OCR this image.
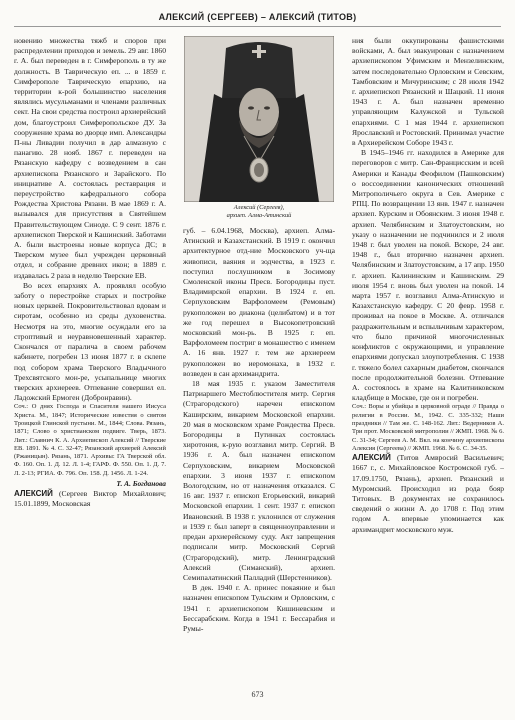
АЛЕКСИЙ (СЕРГЕЕВ) – АЛЕКСИЙ (ТИТОВ)

новению множества тяжб и споров при распределении приходов и земель. 29 авг. 1860 г. А. был переведен в г. Симферополь в ту же должность. В Таврическую еп. ... в 1859 г. Симферополе Таврическую епархию, на территории к-рой большинство населения являлись мусульманами и членами различных сект. На свои средства построил архиерейский дом, благоустроил Симферопольское ДУ. За сооружение храма во дворце имп. Александры П-ны Ливадии получил в дар алмазную с панагию. 28 нояб. 1867 г. переведен на Рязанскую кафедру с возведением в сан архиепископа Рязанского и Зарайского. По инициативе А. состоялась реставрация и переустройство кафедрального собора Рождества Христова Рязани. В мае 1869 г. А. вызывался для присутствия в Святейшем Правительствующем Синоде. С 9 сент. 1876 г. архиепископ Тверской и Кашинский. Заботами А. были выстроены новые корпуса ДС; в Тверском музее был учрежден церковный отдел, и собрание древних икон; в 1889 г. издавалась 2 раза в неделю Тверские ЕВ.

Во всех епархиях А. проявлял особую заботу о перестройке старых и постройке новых церквей. Покровительствовал вдовам и сиротам, особенно из среды духовенства. Несмотря на это, многие осуждали его за строптивый и неуравновешенный характер. Скончался от паралича в своем рабочем кабинете, погребен 13 июня 1877 г. в склепе под собором храма Тверского Владычного Трехсвятского мон-ре, усыпальнице многих тверских архиереев. Отпевание совершил ел. Ладожский Ермоген (Добронравин).

Соч.: О днях Господа и Спасителя нашего Иисуса Христа. М., 1847; Исторические известия о святом Троицкой Глинской пустыни. М., 1844; Слова. Рязань, 1871; Слово о христианском подвиге. Тверь, 1873. Лит.: Славнич К. А. Архиепископ Алексий // Тверские ЕВ. 1891. № 4. С. 32-47; Рязанский архиерей Алексий (Ржаницын). Рязань, 1871. Архивы: ГА Тверской обл. Ф. 160. Оп. 1. Д. 12. Л. 1-4; ГАРФ. Ф. 550. Оп. 1. Д. 7. Л. 2-13; РГИА. Ф. 796. Оп. 158. Д. 1456. Л. 1-24.

Т. А. Богданова

АЛЕКСИЙ (Сергеев Виктор Михайлович; 15.01.1899, Московская

Алексий (Сергеев),
архиеп. Алма-Атинский

губ. – 6.04.1968, Москва), архиеп. Алма-Атинский и Казахстанский. В 1919 г. окончил архитектурное отд-ние Московского уч-ща живописи, ваяния и зодчества, в 1923 г. поступил послушником в Зосимову Смоленской иконы Пресв. Богородицы пуст. Владимирской епархии. В 1924 г. еп. Серпуховским Варфоломеем (Ремовым) рукоположен во диакона (целибатом) и в тот же год перешел в Высокопетровский московский мон-рь. В 1925 г. еп. Варфоломеем постриг в монашество с именем А. 16 янв. 1927 г. тем же архиереем рукоположен во иеромонаха, в 1932 г. возведен в сан архимандрита.

18 мая 1935 г. указом Заместителя Патриаршего Местоблюстителя митр. Сергия (Страгородского) наречен епископом Каширским, викарием Московской епархии. 20 мая в московском храме Рождества Пресв. Богородицы в Путинках состоялась хиротония, к-рую возглавил митр. Сергий. В 1936 г. А. был назначен епископом Серпуховским, викарием Московской епархии. 3 июня 1937 г. епископом Вологодским, но от назначения отказался. С 16 авг. 1937 г. епископ Егорьевский, викарий Московской епархии. 1 сент. 1937 г. епископ Ивановский. В 1938 г. уклонился от служения и 1939 г. был заперт в священноуправлении и предан архиерейскому суду. Акт запрещения подписали митр. Московский Сергий (Страгородский), митр. Ленинградский Алексий (Симанский), архиеп. Семипалатинский Палладий (Шерстенников).

В дек. 1940 г. А. принес покаяние и был назначен епископом Тульским и Орловским, с 1941 г. архиепископом Кишиневским и Бессарабским. Когда в 1941 г. Бессарабия и Румы-

ния были оккупированы фашистскими войсками, А. был эвакуирован с назначением архиепископом Уфимским и Мензелинским, затем последовательно Орловским и Севским, Тамбовским и Мичуринским; с 28 июля 1942 г. архиепископ Рязанский и Шацкий. 11 июня 1943 г. А. был назначен временно управляющим Калужской и Тульской епархиями. С 1 мая 1944 г. архиепископ Ярославский и Ростовский. Принимал участие в Архиерейском Соборе 1943 г.

В 1945–1946 гг. находился в Америке для переговоров с митр. Сан-Францисским и всей Америки и Канады Феофилом (Пашковским) о воссоединении канонических отношений Митрополичьего округа в Сев. Америке с РПЦ. По возвращении 13 янв. 1947 г. назначен архиеп. Курским и Обоянским. 3 июня 1948 г. архиеп. Челябинским и Златоустовским, но указу о назначении не подчинился и 2 июля 1948 г. был уволен на покой. Вскоре, 24 авг. 1948 г., был вторично назначен архиеп. Челябинским и Златоустовским, а 17 апр. 1950 г. архиеп. Калининским и Кашинским. 29 июля 1954 г. вновь был уволен на покой. 14 марта 1957 г. возглавил Алма-Атинскую и Казахстанскую кафедру. С 20 февр. 1958 г. проживал на покое в Москве. А. отличался раздражительным и вспыльчивым характером, что было причиной многочисленных конфликтов с окружающими, и управление епархиями допускал злоупотребления. С 1938 г. тяжело болел сахарным диабетом, скончался после продолжительной болезни. Отпевание А. состоялось в храме на Калитниковском кладбище в Москве, где он и погребен.

Соч.: Воры и убийцы в церковной ограде // Правда о религии в России. М., 1942. С. 335-332; Наши праздники // Там же. С. 148-162. Лит.: Ведерников А. Три прот. Московской митрополии // ЖМП. 1968. № 6. С. 31-34; Сергеев А. М. Вкл. на кончину архиепископа Алексия (Сергеева) // ЖМП. 1968. № 6. С. 34-35.

АЛЕКСИЙ (Титов Амвросий Васильевич; 1667 г., с. Михайловское Костромской губ. – 17.09.1750, Рязань), архиеп. Рязанский и Муромский. Происходил из рода бояр Титовых. В документах не сохранилось сведений о жизни А. до 1708 г. Под этим годом А. впервые упоминается как архимандрит московского муж.

673
